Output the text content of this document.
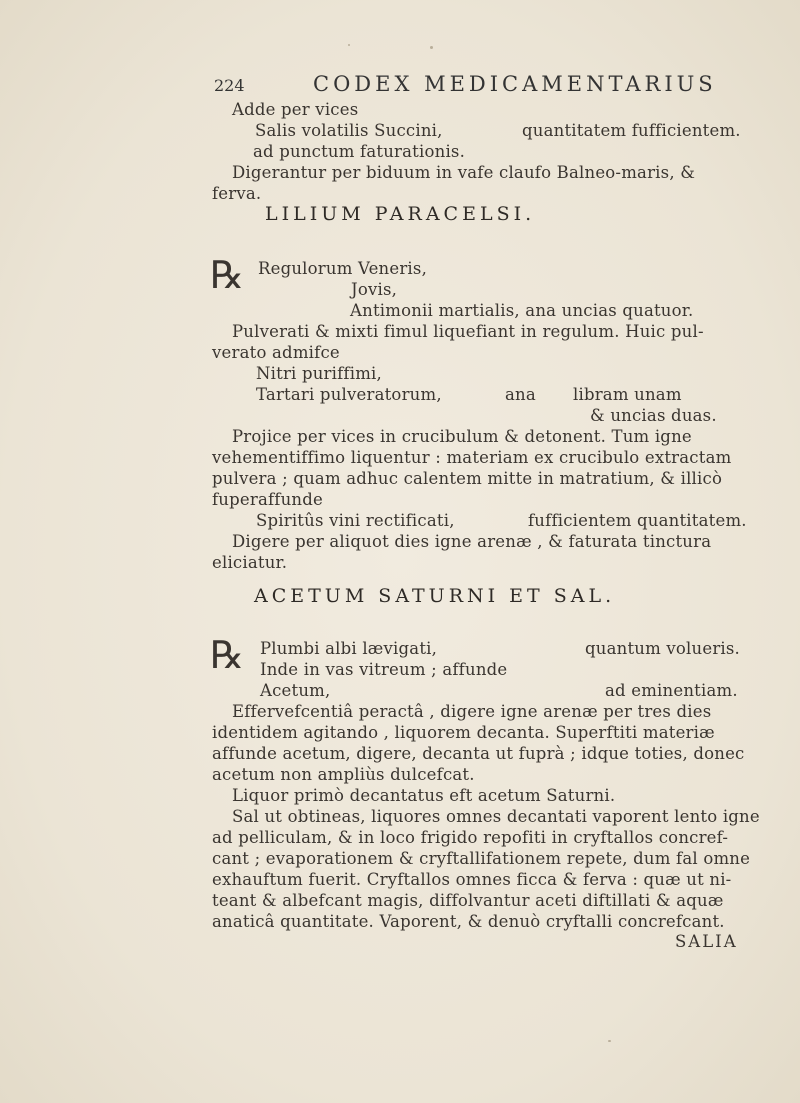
224	CODEX MEDICAMENTARIUS
Adde per vices
Salis volatilis Succini,	quantitatem fufficientem.
ad punctum faturationis.
Digerantur per biduum in vafe claufo Balneo-maris, &
ferva.
LILIUM PARACELSI.
℞ Regulorum Veneris,
Jovis,
Antimonii martialis, ana uncias quatuor.
Pulverati & mixti fimul liquefiant in regulum. Huic pul-
verato admifce
Nitri puriffimi,
Tartari pulveratorum,	ana libram unam
& uncias duas.
Projice per vices in crucibulum & detonent. Tum igne
vehementiffimo liquentur : materiam ex crucibulo extractam
pulvera ; quam adhuc calentem mitte in matratium, & illicò
fuperaffunde
Spiritûs vini rectificati,	fufficientem quantitatem.
Digere per aliquot dies igne arenæ , & faturata tinctura
eliciatur.
ACETUM SATURNI ET SAL.
℞ Plumbi albi lævigati,	quantum volueris.
Inde in vas vitreum ; affunde
Acetum,	ad eminentiam.
Effervefcentiâ peractâ , digere igne arenæ per tres dies
identidem agitando , liquorem decanta. Superftiti materiæ
affunde acetum, digere, decanta ut fuprà ; idque toties, donec
acetum non ampliùs dulcefcat.
Liquor primò decantatus eft acetum Saturni.
Sal ut obtineas, liquores omnes decantati vaporent lento igne
ad pelliculam, & in loco frigido repofiti in cryftallos concref-
cant ; evaporationem & cryftallifationem repete, dum fal omne
exhauftum fuerit. Cryftallos omnes ficca & ferva : quæ ut ni-
teant & albefcant magis, diffolvantur aceti diftillati & aquæ
anaticâ quantitate. Vaporent, & denuò cryftalli concrefcant.
SALIA
